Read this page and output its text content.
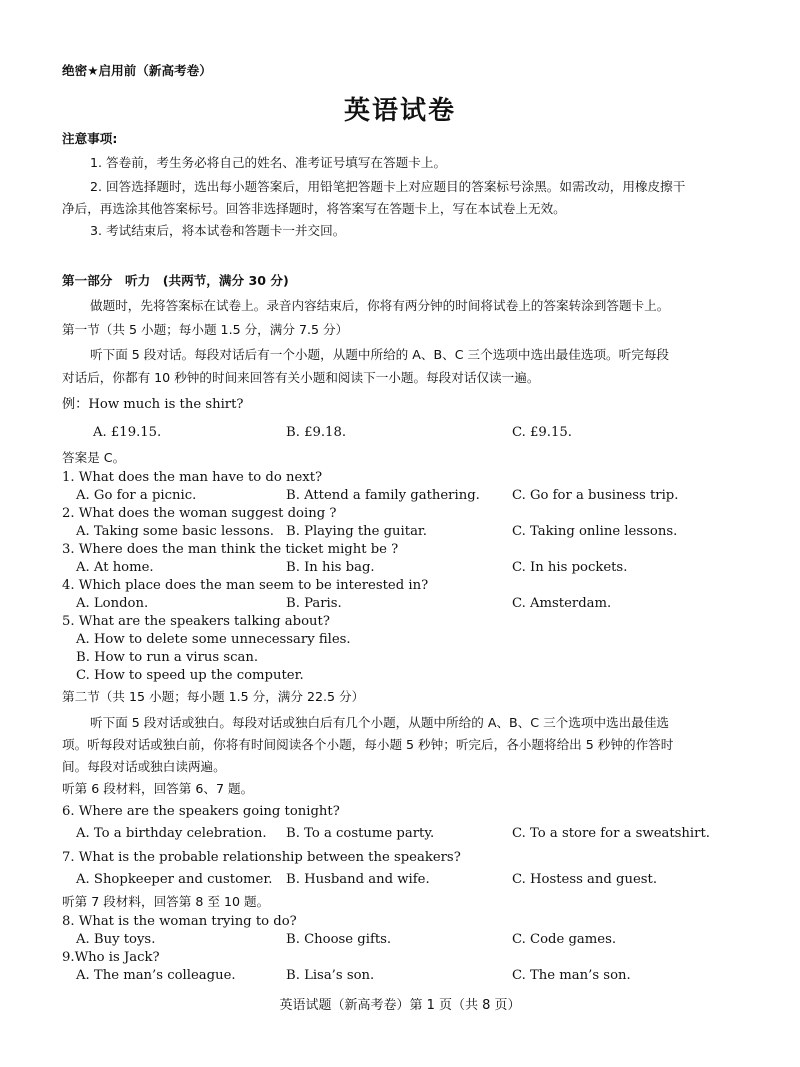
绝密★启用前（新高考卷）
英语试卷
注意事项:
1. 答卷前，考生务必将自己的姓名、准考证号填写在答题卡上。
2. 回答选择题时，选出每小题答案后，用铅笔把答题卡上对应题目的答案标号涂黑。如需改动，用橡皮擦干
净后，再选涂其他答案标号。回答非选择题时，将答案写在答题卡上，写在本试卷上无效。
3. 考试结束后，将本试卷和答题卡一并交回。
第一部分　听力　(共两节，满分 30 分)
做题时，先将答案标在试卷上。录音内容结束后，你将有两分钟的时间将试卷上的答案转涂到答题卡上。
第一节（共 5 小题；每小题 1.5 分，满分 7.5 分）
听下面 5 段对话。每段对话后有一个小题，从题中所给的 A、B、C 三个选项中选出最佳选项。听完每段
对话后，你都有 10 秒钟的时间来回答有关小题和阅读下一小题。每段对话仅读一遍。
例：How much is the shirt?
A. £19.15.	B. £9.18.	C. £9.15.
答案是 C。
1. What does the man have to do next?
A. Go for a picnic.	B. Attend a family gathering. C. Go for a business trip.
2. What does the woman suggest doing ?
A. Taking some basic lessons. B. Playing the guitar.	C. Taking online lessons.
3. Where does the man think the ticket might be ?
A. At home.	B. In his bag.	C. In his pockets.
4. Which place does the man seem to be interested in?
A. London.	B. Paris.	C. Amsterdam.
5. What are the speakers talking about?
A. How to delete some unnecessary files.
B. How to run a virus scan.
C. How to speed up the computer.
第二节（共 15 小题；每小题 1.5 分，满分 22.5 分）
听下面 5 段对话或独白。每段对话或独白后有几个小题，从题中所给的 A、B、C 三个选项中选出最佳选
项。听每段对话或独白前，你将有时间阅读各个小题，每小题 5 秒钟；听完后，各小题将给出 5 秒钟的作答时
间。每段对话或独白读两遍。
听第 6 段材料，回答第 6、7 题。
6. Where are the speakers going tonight?
A. To a birthday celebration. B. To a costume party.	C. To a store for a sweatshirt.
7. What is the probable relationship between the speakers?
A. Shopkeeper and customer. B. Husband and wife.	C. Hostess and guest.
听第 7 段材料，回答第 8 至 10 题。
8. What is the woman trying to do?
A. Buy toys.	B. Choose gifts.	C. Code games.
9.Who is Jack?
A. The man’s colleague.	B. Lisa’s son.	C. The man’s son.
英语试题（新高考卷）第 1 页（共 8 页）
